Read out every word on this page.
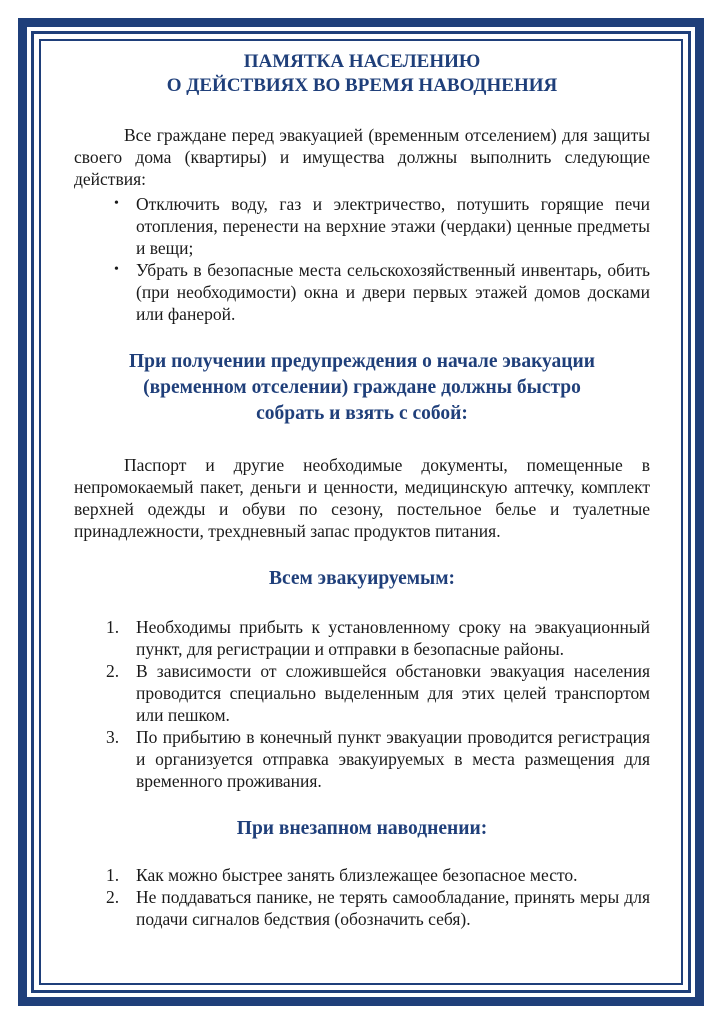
ПАМЯТКА НАСЕЛЕНИЮ
О ДЕЙСТВИЯХ ВО ВРЕМЯ НАВОДНЕНИЯ

Все граждане перед эвакуацией (временным отселением) для защиты своего дома (квартиры) и имущества должны выполнить следующие действия:

• Отключить воду, газ и электричество, потушить горящие печи отопления, перенести на верхние этажи (чердаки) ценные предметы и вещи;
• Убрать в безопасные места сельскохозяйственный инвентарь, обить (при необходимости) окна и двери первых этажей домов досками или фанерой.
При получении предупреждения о начале эвакуации
(временном отселении) граждане должны быстро
собрать и взять с собой:

Паспорт и другие необходимые документы, помещенные в непромокаемый пакет, деньги и ценности, медицинскую аптечку, комплект верхней одежды и обуви по сезону, постельное белье и туалетные принадлежности, трехдневный запас продуктов питания.

Всем эвакуируемым:
1. Необходимы прибыть к установленному сроку на эвакуационный пункт, для регистрации и отправки в безопасные районы.
2. В зависимости от сложившейся обстановки эвакуация населения проводится специально выделенным для этих целей транспортом или пешком.
3. По прибытию в конечный пункт эвакуации проводится регистрация и организуется отправка эвакуируемых в места размещения для временного проживания.
При внезапном наводнении:
1. Как можно быстрее занять близлежащее безопасное место.
2. Не поддаваться панике, не терять самообладание, принять меры для подачи сигналов бедствия (обозначить себя).
